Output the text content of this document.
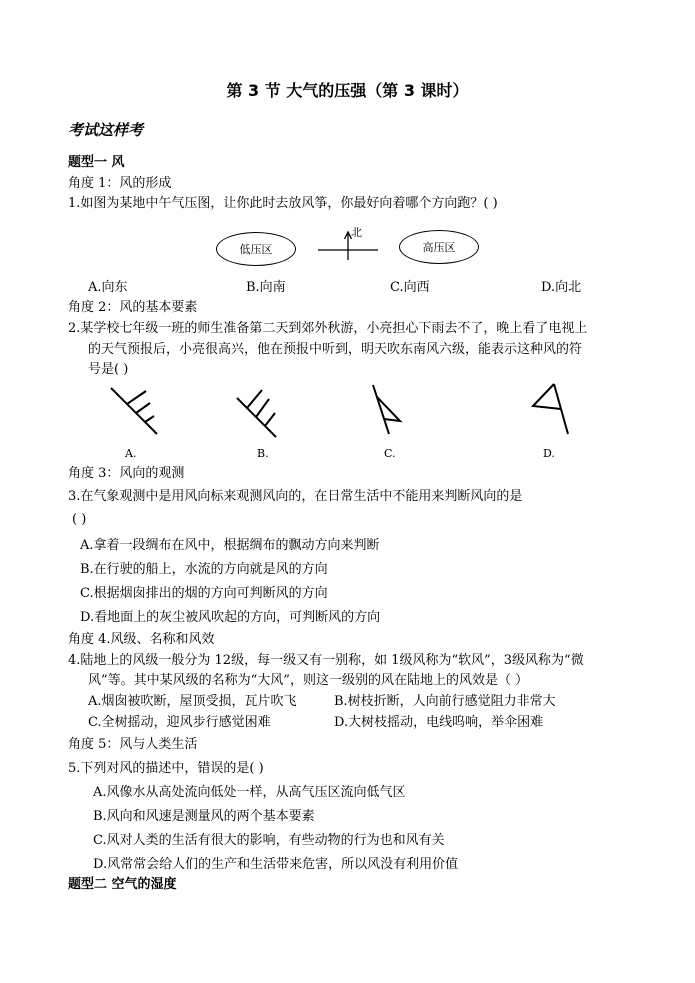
第 3 节 大气的压强（第 3 课时）
考试这样考
题型一 风
角度 1：风的形成
1.如图为某地中午气压图，让你此时去放风筝，你最好向着哪个方向跑？( )
低压区	高压区
北
A.向东	B.向南	C.向西	D.向北
角度 2：风的基本要素
2.某学校七年级一班的师生准备第二天到郊外秋游，小亮担心下雨去不了，晚上看了电视上
的天气预报后，小亮很高兴，他在预报中听到，明天吹东南风六级，能表示这种风的符
号是( )
A.	B.	C.	D.
角度 3：风向的观测
3.在气象观测中是用风向标来观测风向的，在日常生活中不能用来判断风向的是
( )
A.拿着一段绸布在风中，根据绸布的飘动方向来判断
B.在行驶的船上，水流的方向就是风的方向
C.根据烟囱排出的烟的方向可判断风的方向
D.看地面上的灰尘被风吹起的方向，可判断风的方向
角度 4.风级、名称和风效
4.陆地上的风级一般分为 12级，每一级又有一别称，如 1级风称为“软风”，3级风称为“微
风”等。其中某风级的名称为“大风”，则这一级别的风在陆地上的风效是（ ）
A.烟囱被吹断，屋顶受损，瓦片吹飞	B.树枝折断，人向前行感觉阻力非常大
C.全树摇动，迎风步行感觉困难	D.大树枝摇动，电线呜响，举伞困难
角度 5：风与人类生活
5.下列对风的描述中，错误的是( )
A.风像水从高处流向低处一样，从高气压区流向低气区
B.风向和风速是测量风的两个基本要素
C.风对人类的生活有很大的影响，有些动物的行为也和风有关
D.风常常会给人们的生产和生活带来危害，所以风没有利用价值
题型二 空气的湿度
